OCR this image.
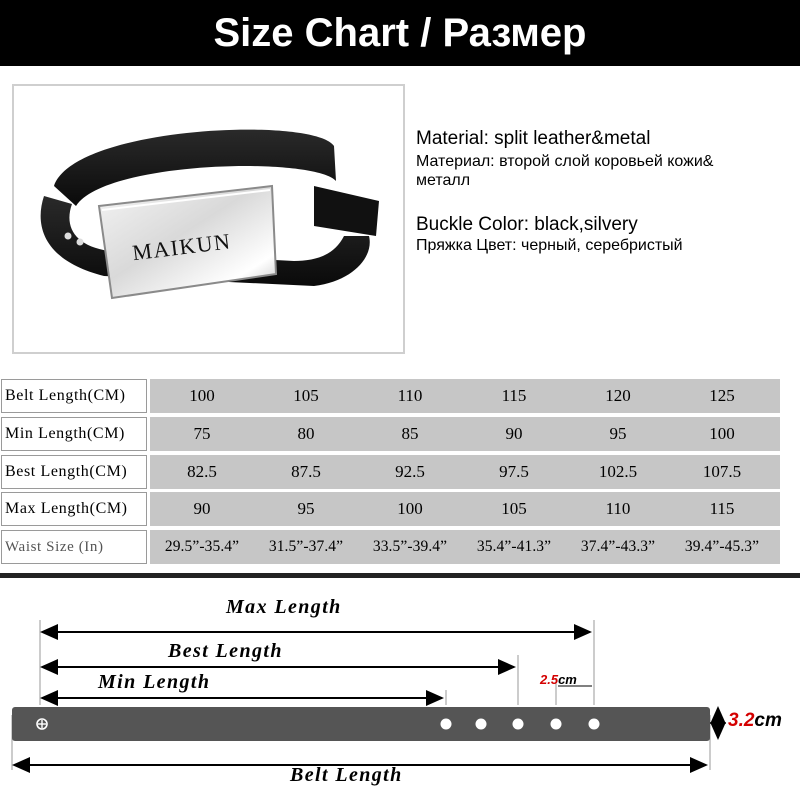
Size Chart / Размер
MAIKUN
Material: split leather&metal
Материал: второй слой коровьей кожи&
металл
Buckle Color: black,silvery
Пряжка Цвет: черный, серебристый
Belt Length(CM)	100	105	110	115	120	125
Min Length(CM)	75	80	85	90	95	100
Best Length(CM)	82.5	87.5	92.5	97.5	102.5	107.5
Max Length(CM)	90	95	100	105	110	115
Waist Size (In)	29.5”-35.4”	31.5”-37.4”	33.5”-39.4”	35.4”-41.3”	37.4”-43.3”	39.4”-45.3”
Max Length
Best Length
Min Length
Belt Length
2.5cm
3.2cm
